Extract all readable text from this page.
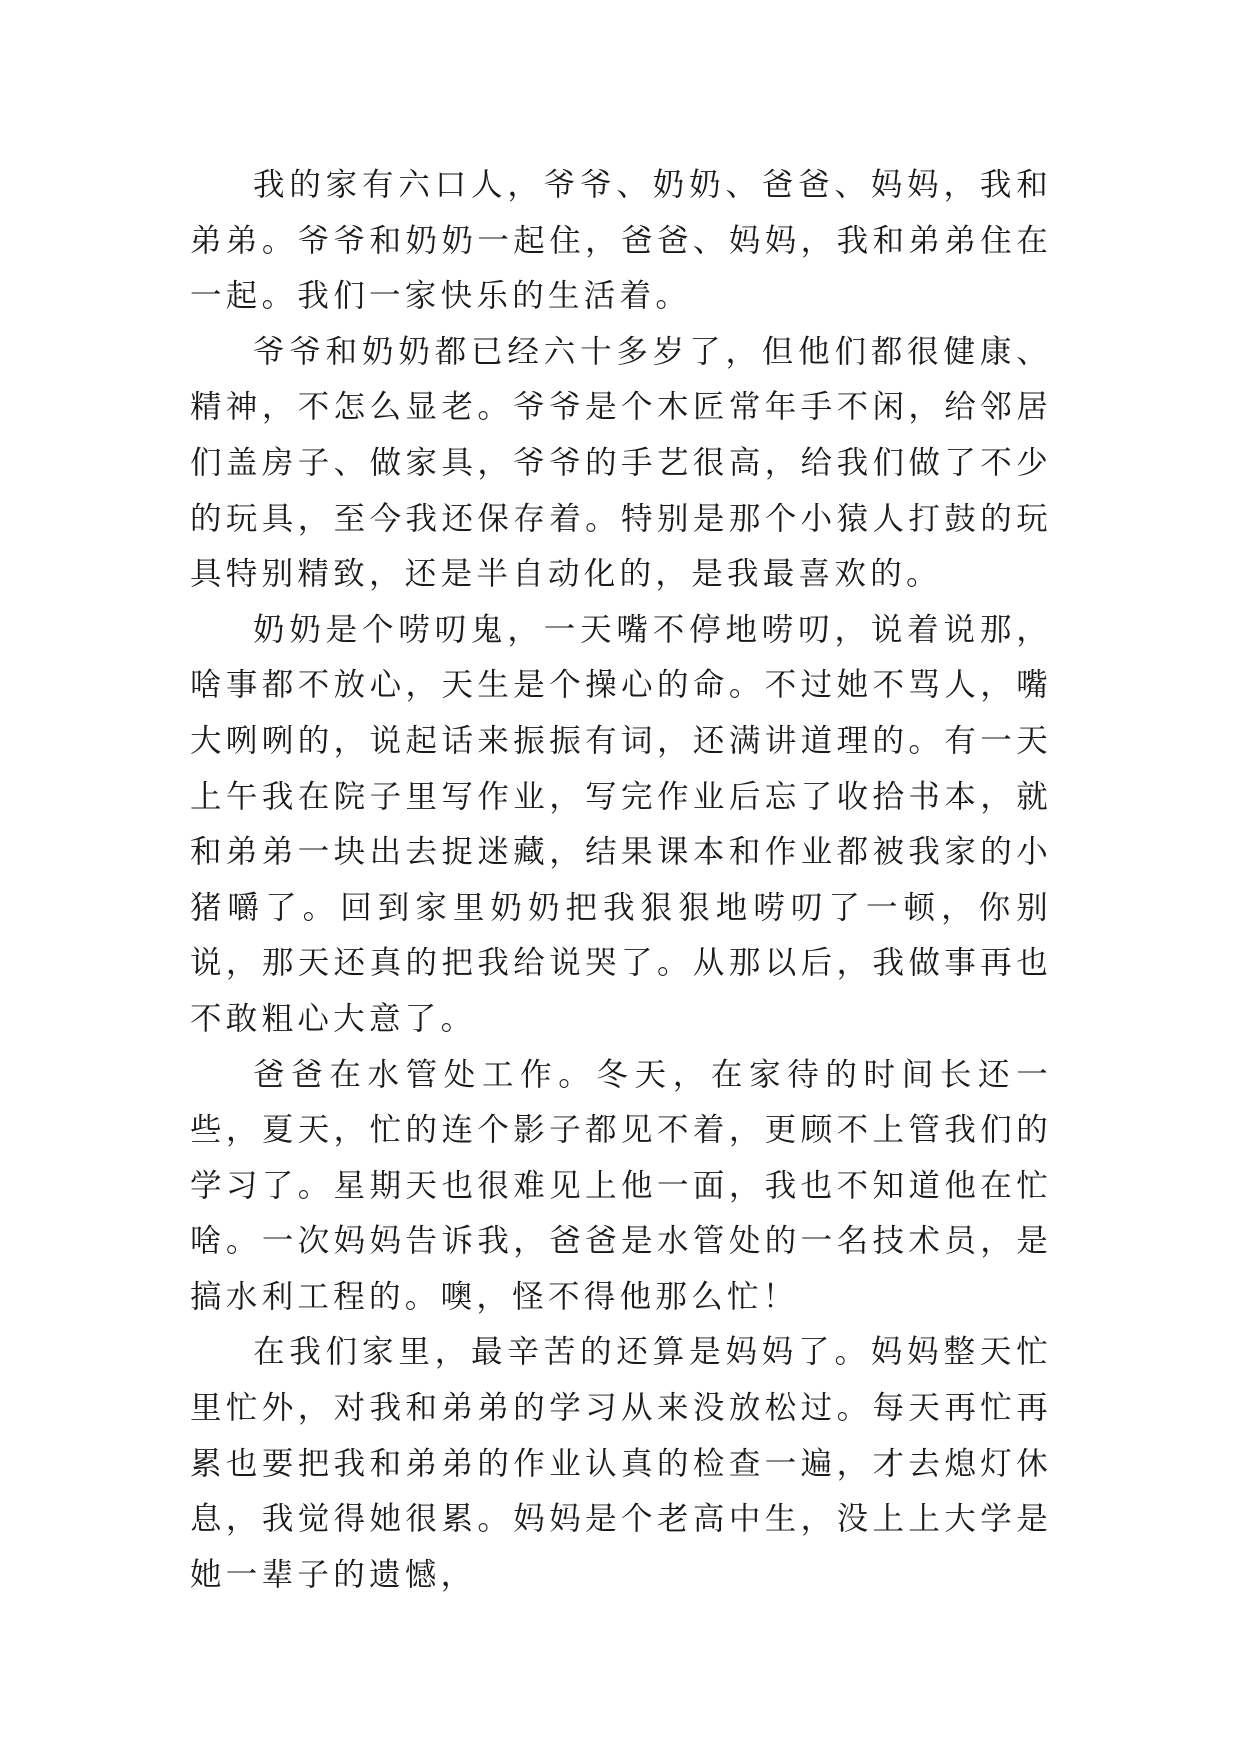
我的家有六口人，爷爷、奶奶、爸爸、妈妈，我和弟弟。爷爷和奶奶一起住，爸爸、妈妈，我和弟弟住在一起。我们一家快乐的生活着。

爷爷和奶奶都已经六十多岁了，但他们都很健康、精神，不怎么显老。爷爷是个木匠常年手不闲，给邻居们盖房子、做家具，爷爷的手艺很高，给我们做了不少的玩具，至今我还保存着。特别是那个小猿人打鼓的玩具特别精致，还是半自动化的，是我最喜欢的。

奶奶是个唠叨鬼，一天嘴不停地唠叨，说着说那，啥事都不放心，天生是个操心的命。不过她不骂人，嘴大咧咧的，说起话来振振有词，还满讲道理的。有一天上午我在院子里写作业，写完作业后忘了收拾书本，就和弟弟一块出去捉迷藏，结果课本和作业都被我家的小猪嚼了。回到家里奶奶把我狠狠地唠叨了一顿，你别说，那天还真的把我给说哭了。从那以后，我做事再也不敢粗心大意了。

爸爸在水管处工作。冬天，在家待的时间长还一些，夏天，忙的连个影子都见不着，更顾不上管我们的学习了。星期天也很难见上他一面，我也不知道他在忙啥。一次妈妈告诉我，爸爸是水管处的一名技术员，是搞水利工程的。噢，怪不得他那么忙！

在我们家里，最辛苦的还算是妈妈了。妈妈整天忙里忙外，对我和弟弟的学习从来没放松过。每天再忙再累也要把我和弟弟的作业认真的检查一遍，才去熄灯休息，我觉得她很累。妈妈是个老高中生，没上上大学是她一辈子的遗憾，
